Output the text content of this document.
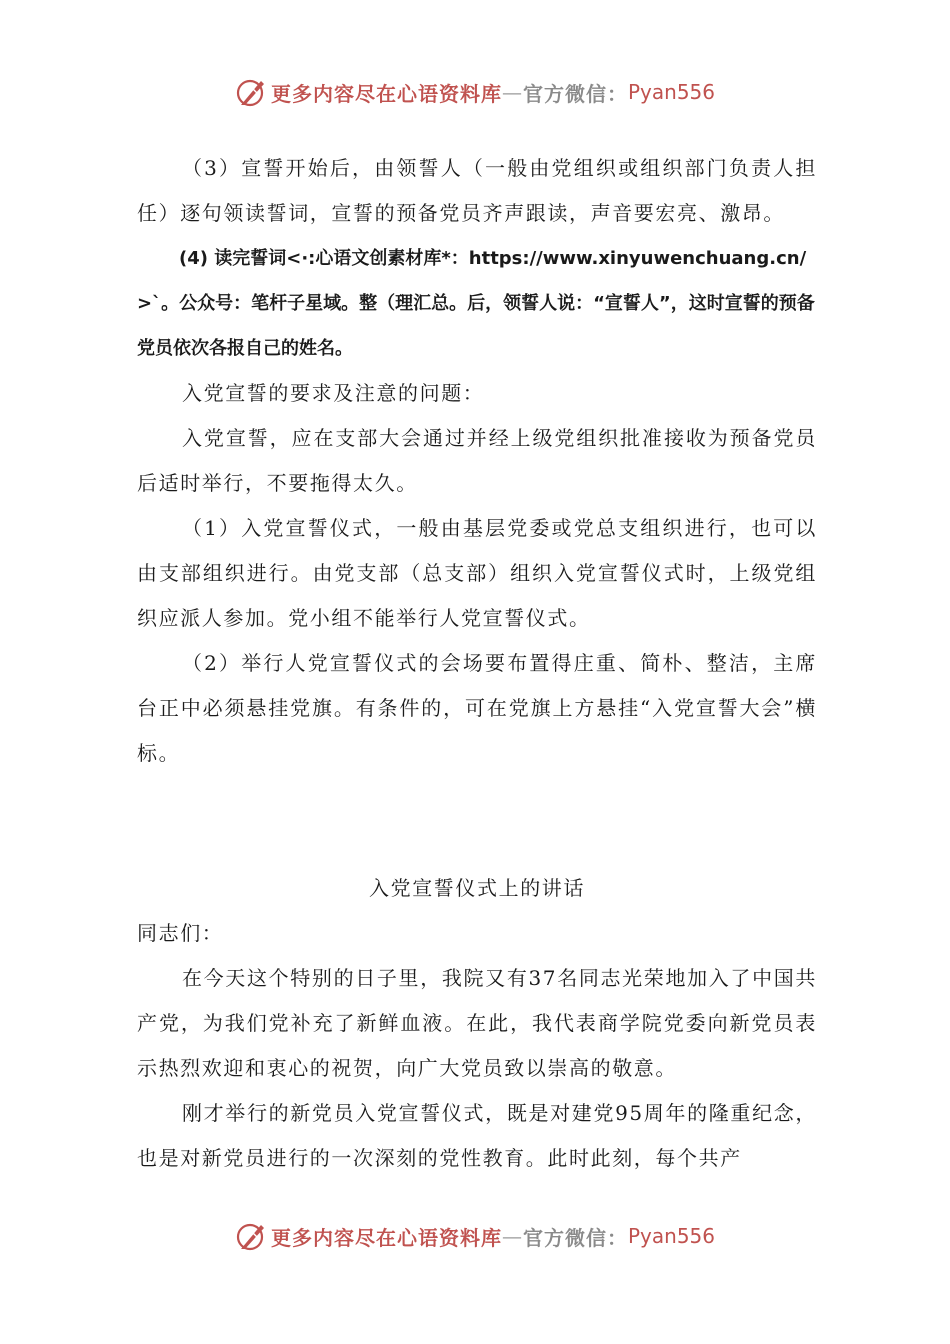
更多内容尽在心语资料库 — 官方微信： Pyan556

（3）宣誓开始后，由领誓人（一般由党组织或组织部门负责人担任）逐句领读誓词，宣誓的预备党员齐声跟读，声音要宏亮、激昂。

(4) 读完誓词<·:心语文创素材库*：https://www.xinyuwenchuang.cn/>`。公众号：笔杆子星域。整（理汇总。后，领誓人说：“宣誓人”，这时宣誓的预备党员依次各报自己的姓名。

入党宣誓的要求及注意的问题：

入党宣誓，应在支部大会通过并经上级党组织批准接收为预备党员后适时举行，不要拖得太久。

（1）入党宣誓仪式，一般由基层党委或党总支组织进行，也可以由支部组织进行。由党支部（总支部）组织入党宣誓仪式时，上级党组织应派人参加。党小组不能举行人党宣誓仪式。

（2）举行人党宣誓仪式的会场要布置得庄重、简朴、整洁，主席台正中必须悬挂党旗。有条件的，可在党旗上方悬挂“入党宣誓大会”横标。

入党宣誓仪式上的讲话

同志们：

在今天这个特别的日子里，我院又有37名同志光荣地加入了中国共产党，为我们党补充了新鲜血液。在此，我代表商学院党委向新党员表示热烈欢迎和衷心的祝贺，向广大党员致以崇高的敬意。

刚才举行的新党员入党宣誓仪式，既是对建党95周年的隆重纪念，也是对新党员进行的一次深刻的党性教育。此时此刻，每个共产

更多内容尽在心语资料库 — 官方微信： Pyan556
